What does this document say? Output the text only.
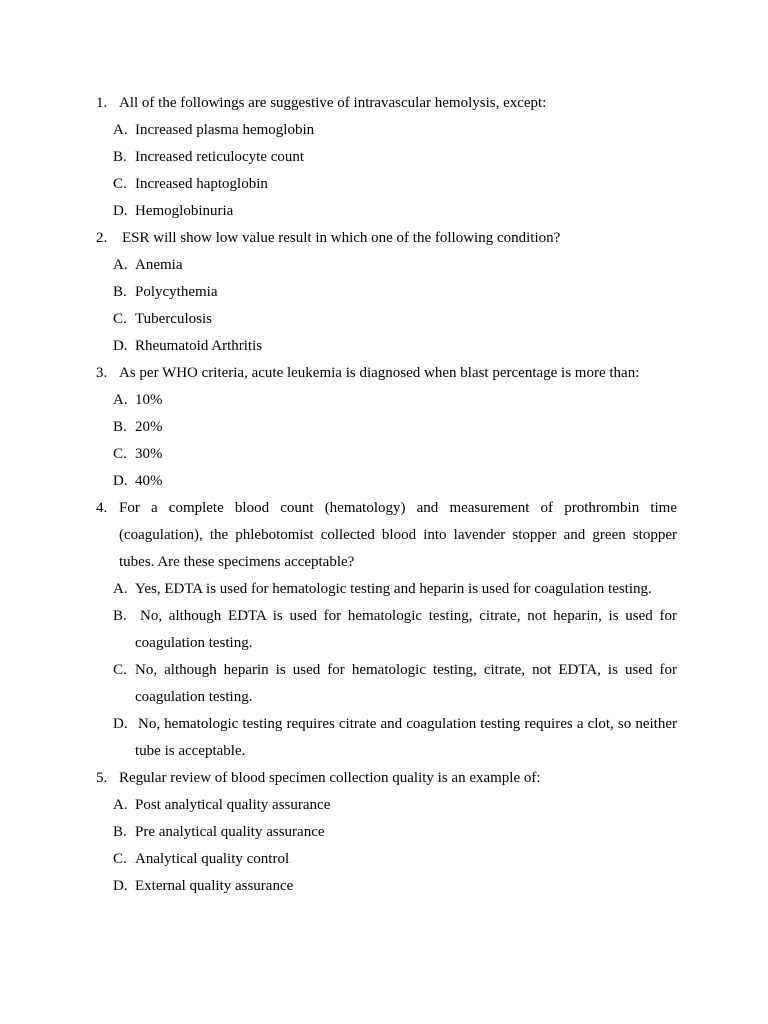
1. All of the followings are suggestive of intravascular hemolysis, except:
A. Increased plasma hemoglobin
B. Increased reticulocyte count
C. Increased haptoglobin
D. Hemoglobinuria
2. ESR will show low value result in which one of the following condition?
A. Anemia
B. Polycythemia
C. Tuberculosis
D. Rheumatoid Arthritis
3. As per WHO criteria, acute leukemia is diagnosed when blast percentage is more than:
A. 10%
B. 20%
C. 30%
D. 40%
4. For a complete blood count (hematology) and measurement of prothrombin time (coagulation), the phlebotomist collected blood into lavender stopper and green stopper tubes. Are these specimens acceptable?
A. Yes, EDTA is used for hematologic testing and heparin is used for coagulation testing.
B. No, although EDTA is used for hematologic testing, citrate, not heparin, is used for coagulation testing.
C. No, although heparin is used for hematologic testing, citrate, not EDTA, is used for coagulation testing.
D. No, hematologic testing requires citrate and coagulation testing requires a clot, so neither tube is acceptable.
5. Regular review of blood specimen collection quality is an example of:
A. Post analytical quality assurance
B. Pre analytical quality assurance
C. Analytical quality control
D. External quality assurance
